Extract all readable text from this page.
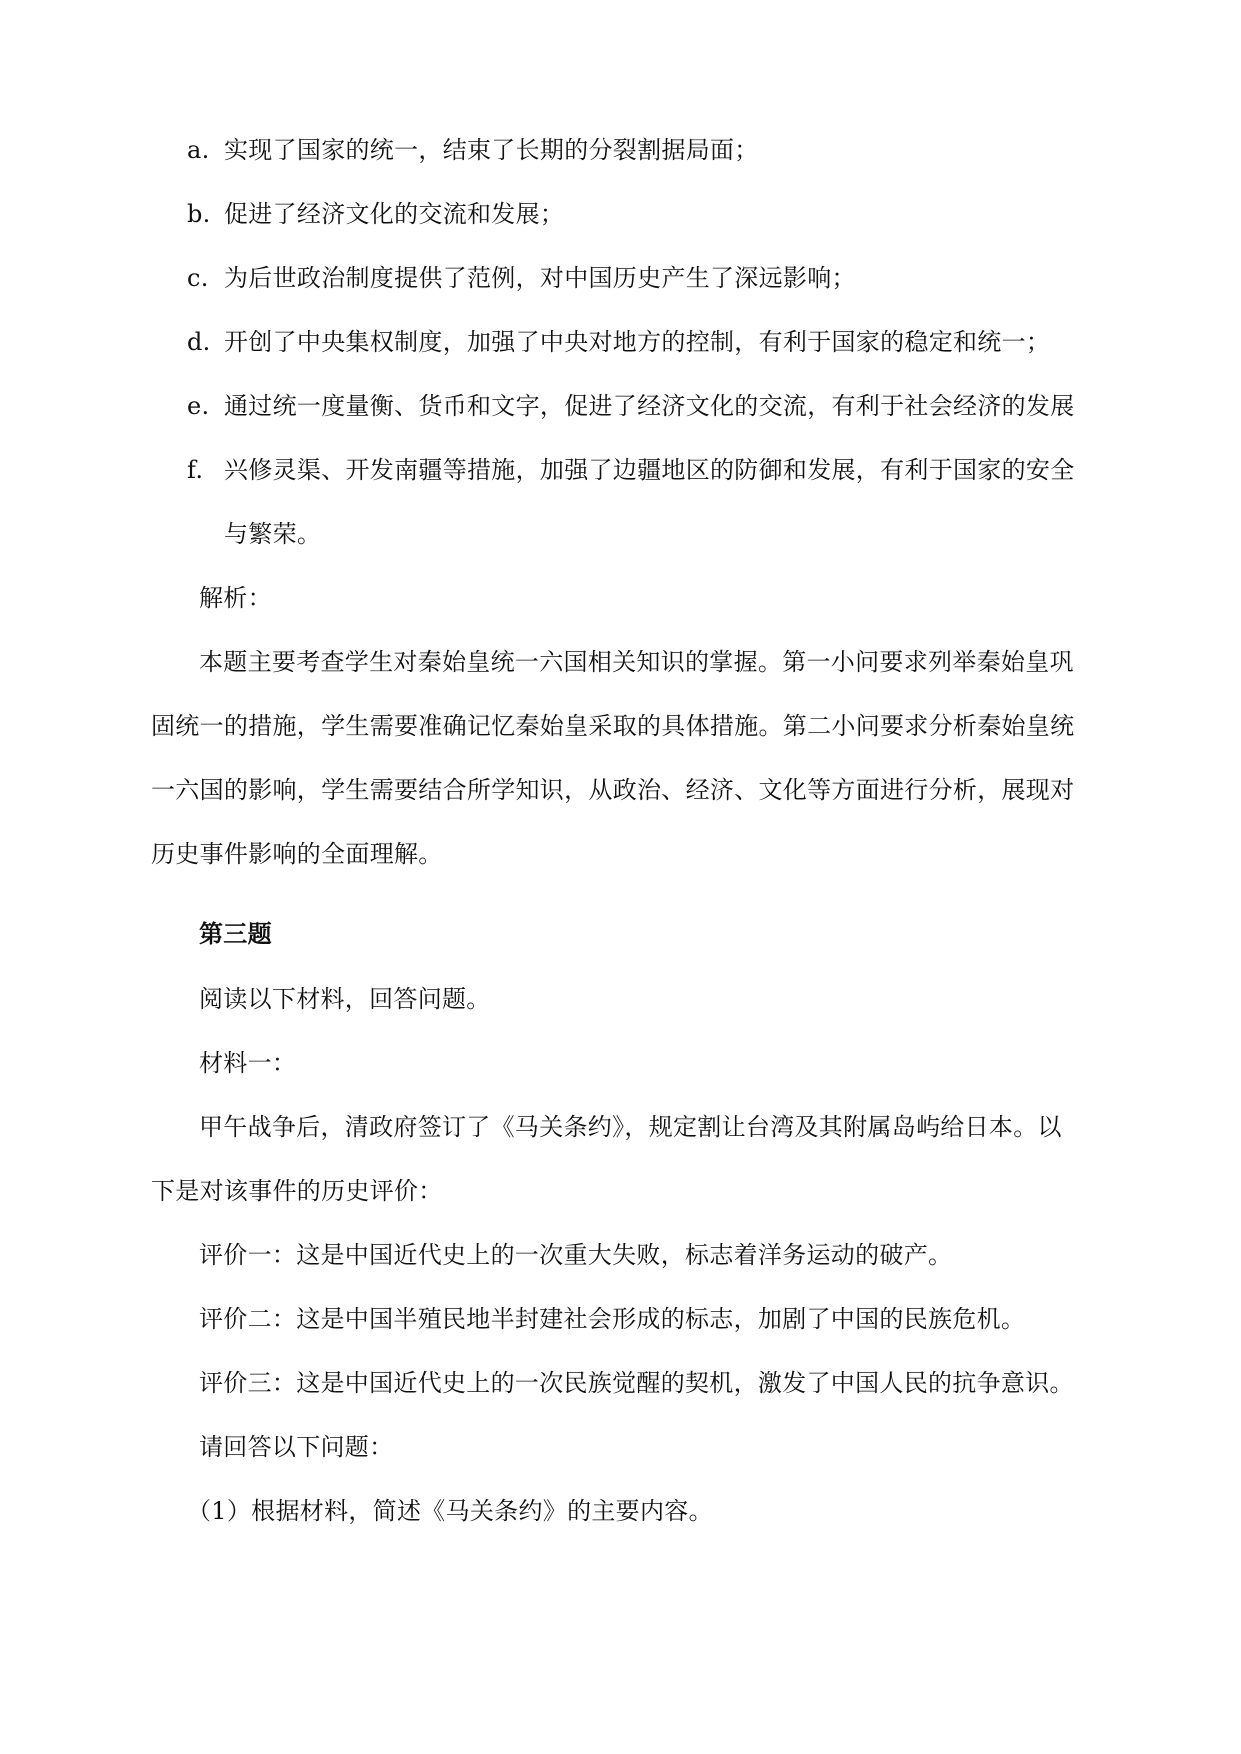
a. 实现了国家的统一，结束了长期的分裂割据局面；
b. 促进了经济文化的交流和发展；
c. 为后世政治制度提供了范例，对中国历史产生了深远影响；
d. 开创了中央集权制度，加强了中央对地方的控制，有利于国家的稳定和统一；
e. 通过统一度量衡、货币和文字，促进了经济文化的交流，有利于社会经济的发展
f. 兴修灵渠、开发南疆等措施，加强了边疆地区的防御和发展，有利于国家的安全
与繁荣。
解析：
本题主要考查学生对秦始皇统一六国相关知识的掌握。第一小问要求列举秦始皇巩
固统一的措施，学生需要准确记忆秦始皇采取的具体措施。第二小问要求分析秦始皇统
一六国的影响，学生需要结合所学知识，从政治、经济、文化等方面进行分析，展现对
历史事件影响的全面理解。
第三题
阅读以下材料，回答问题。
材料一：
甲午战争后，清政府签订了《马关条约》，规定割让台湾及其附属岛屿给日本。以
下是对该事件的历史评价：
评价一：这是中国近代史上的一次重大失败，标志着洋务运动的破产。
评价二：这是中国半殖民地半封建社会形成的标志，加剧了中国的民族危机。
评价三：这是中国近代史上的一次民族觉醒的契机，激发了中国人民的抗争意识。
请回答以下问题：
（1）根据材料，简述《马关条约》的主要内容。
